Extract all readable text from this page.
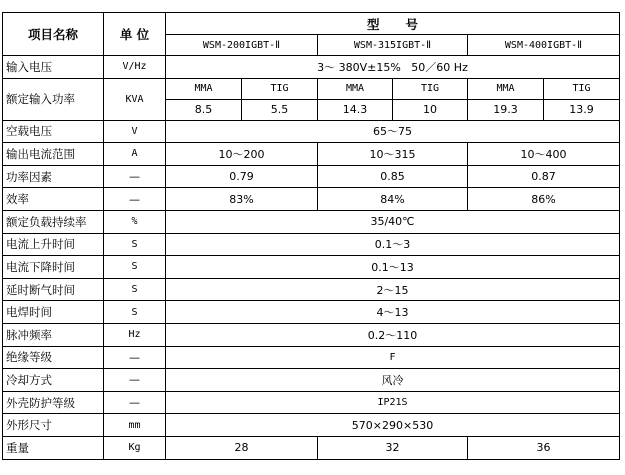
项目名称	单 位	型      号					
		WSM-200IGBT-Ⅱ		WSM-315IGBT-Ⅱ		WSM-400IGBT-Ⅱ	
输入电压	V/Hz	3～ 380V±15%   50／60 Hz					
额定输入功率	KVA	MMA	TIG	MMA	TIG	MMA	TIG
		8.5	5.5	14.3	10	19.3	13.9
空载电压	V	65～75					
输出电流范围	A	10～200		10～315		10～400	
功率因素	—	0.79		0.85		0.87	
效率	—	83%		84%		86%	
额定负载持续率	%	35/40℃					
电流上升时间	S	0.1～3					
电流下降时间	S	0.1～13					
延时断气时间	S	2～15					
电焊时间	S	4～13					
脉冲频率	Hz	0.2～110					
绝缘等级	—	F					
冷却方式	—	风冷					
外壳防护等级	—	IP21S					
外形尺寸	mm	570×290×530					
重量	Kg	28		32		36	
